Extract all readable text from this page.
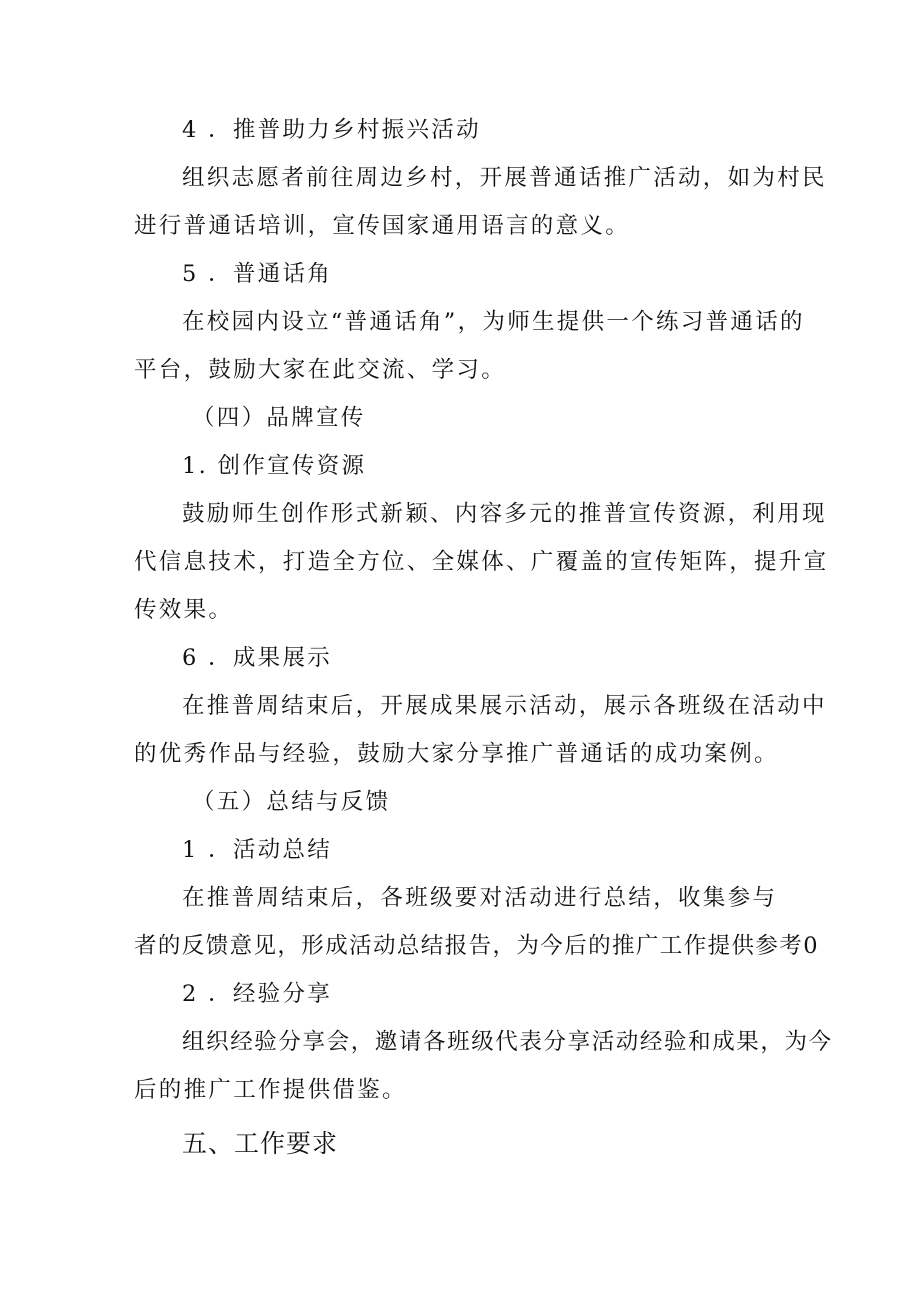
4 ．推普助力乡村振兴活动
组织志愿者前往周边乡村，开展普通话推广活动，如为村民
进行普通话培训，宣传国家通用语言的意义。
5 ．普通话角
在校园内设立“普通话角”，为师生提供一个练习普通话的
平台，鼓励大家在此交流、学习。
（四）品牌宣传
1. 创作宣传资源
鼓励师生创作形式新颖、内容多元的推普宣传资源，利用现
代信息技术，打造全方位、全媒体、广覆盖的宣传矩阵，提升宣
传效果。
6 ．成果展示
在推普周结束后，开展成果展示活动，展示各班级在活动中
的优秀作品与经验，鼓励大家分享推广普通话的成功案例。
（五）总结与反馈
1 ．活动总结
在推普周结束后，各班级要对活动进行总结，收集参与
者的反馈意见，形成活动总结报告，为今后的推广工作提供参考0
2 ．经验分享
组织经验分享会，邀请各班级代表分享活动经验和成果，为今
后的推广工作提供借鉴。
五、工作要求
